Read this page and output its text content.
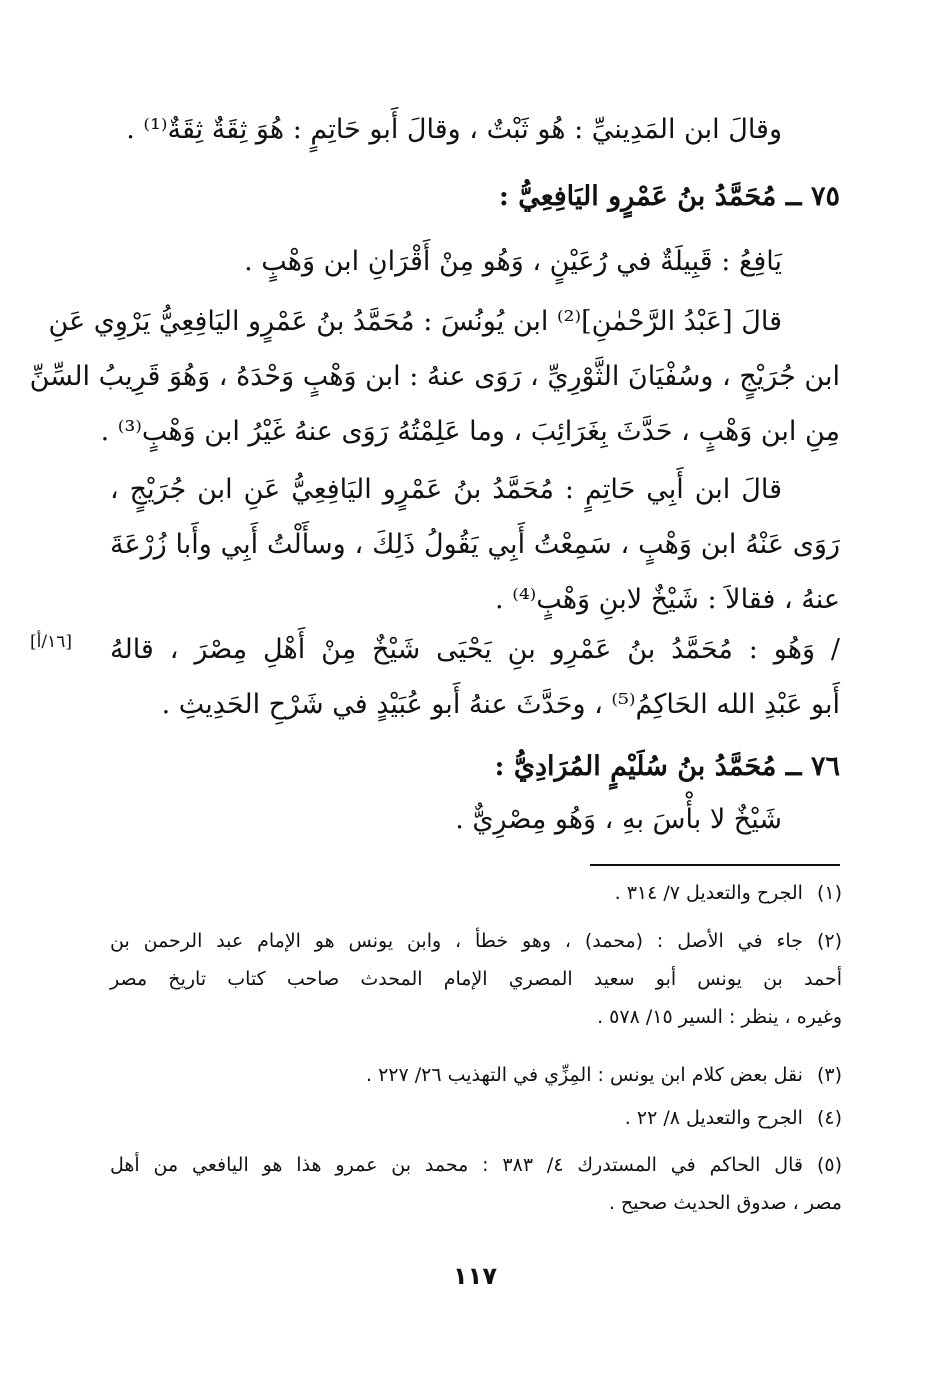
وقالَ ابن المَدِينيِّ : هُو ثَبْتٌ ، وقالَ أَبو حَاتِمٍ : هُوَ ثِقَةٌ ثِقَةٌ⁽¹⁾ .
٧٥ ــ مُحَمَّدُ بنُ عَمْرٍو اليَافِعِيُّ :
يَافِعُ : قَبِيلَةٌ في رُعَيْنٍ ، وَهُو مِنْ أَقْرَانِ ابن وَهْبٍ .
قالَ [عَبْدُ الرَّحْمٰنِ]⁽²⁾ ابن يُونُسَ : مُحَمَّدُ بنُ عَمْرٍو اليَافِعِيُّ يَرْوِي عَنِ
ابن جُرَيْجٍ ، وسُفْيَانَ الثَّوْرِيِّ ، رَوَى عنهُ : ابن وَهْبٍ وَحْدَهُ ، وَهُوَ قَرِيبُ السِّنِّ
مِنِ ابن وَهْبٍ ، حَدَّثَ بِغَرَائِبَ ، وما عَلِمْتُهُ رَوَى عنهُ غَيْرُ ابن وَهْبٍ⁽³⁾ .
قالَ ابن أَبِي حَاتِمٍ : مُحَمَّدُ بنُ عَمْرٍو اليَافِعِيُّ عَنِ ابن جُرَيْجٍ ،
رَوَى عَنْهُ ابن وَهْبٍ ، سَمِعْتُ أَبِي يَقُولُ ذَلِكَ ، وسأَلْتُ أَبِي وأَبا زُرْعَةَ
عنهُ ، فقالاَ : شَيْخٌ لابنِ وَهْبٍ⁽⁴⁾ .
/ وَهُو : مُحَمَّدُ بنُ عَمْرِو بنِ يَحْيَى شَيْخٌ مِنْ أَهْلِ مِصْرَ ، قالهُ
أَبو عَبْدِ الله الحَاكِمُ⁽⁵⁾ ، وحَدَّثَ عنهُ أَبو عُبَيْدٍ في شَرْحِ الحَدِيثِ .
[١٦/أ]
٧٦ ــ مُحَمَّدُ بنُ سُلَيْمٍ المُرَادِيُّ :
شَيْخٌ لا بأْسَ بهِ ، وَهُو مِصْرِيٌّ .
(١)الجرح والتعديل ٧/ ٣١٤ .
(٢)جاء في الأصل : (محمد) ، وهو خطأ ، وابن يونس هو الإمام عبد الرحمن بن
أحمد بن يونس أبو سعيد المصري الإمام المحدث صاحب كتاب تاريخ مصر
وغيره ، ينظر : السير ١٥/ ٥٧٨ .
(٣)نقل بعض كلام ابن يونس : المِزِّي في التهذيب ٢٦/ ٢٢٧ .
(٤)الجرح والتعديل ٨/ ٢٢ .
(٥)قال الحاكم في المستدرك ٤/ ٣٨٣ : محمد بن عمرو هذا هو اليافعي من أهل
مصر ، صدوق الحديث صحيح .
١١٧
